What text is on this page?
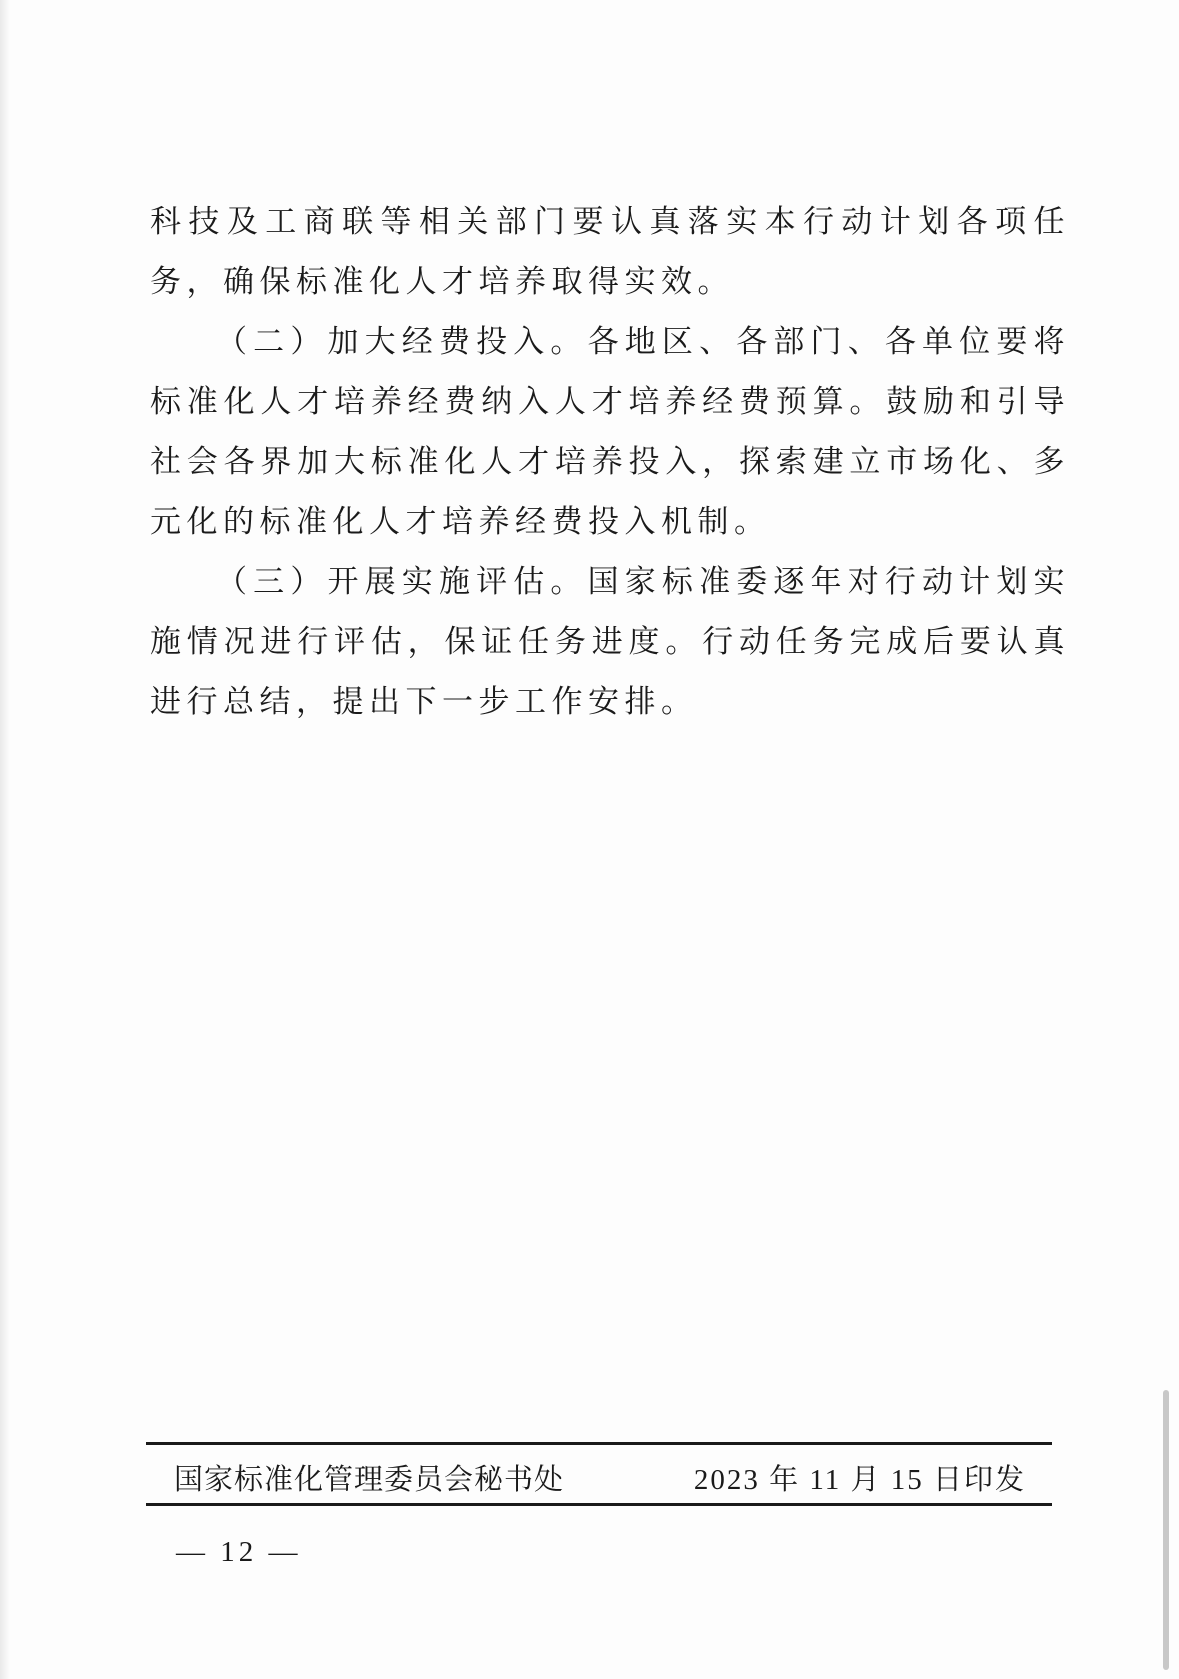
科技及工商联等相关部门要认真落实本行动计划各项任务，确保标准化人才培养取得实效。

（二）加大经费投入。各地区、各部门、各单位要将标准化人才培养经费纳入人才培养经费预算。鼓励和引导社会各界加大标准化人才培养投入，探索建立市场化、多元化的标准化人才培养经费投入机制。

（三）开展实施评估。国家标准委逐年对行动计划实施情况进行评估，保证任务进度。行动任务完成后要认真进行总结，提出下一步工作安排。

国家标准化管理委员会秘书处	2023 年 11 月 15 日印发
— 12 —
